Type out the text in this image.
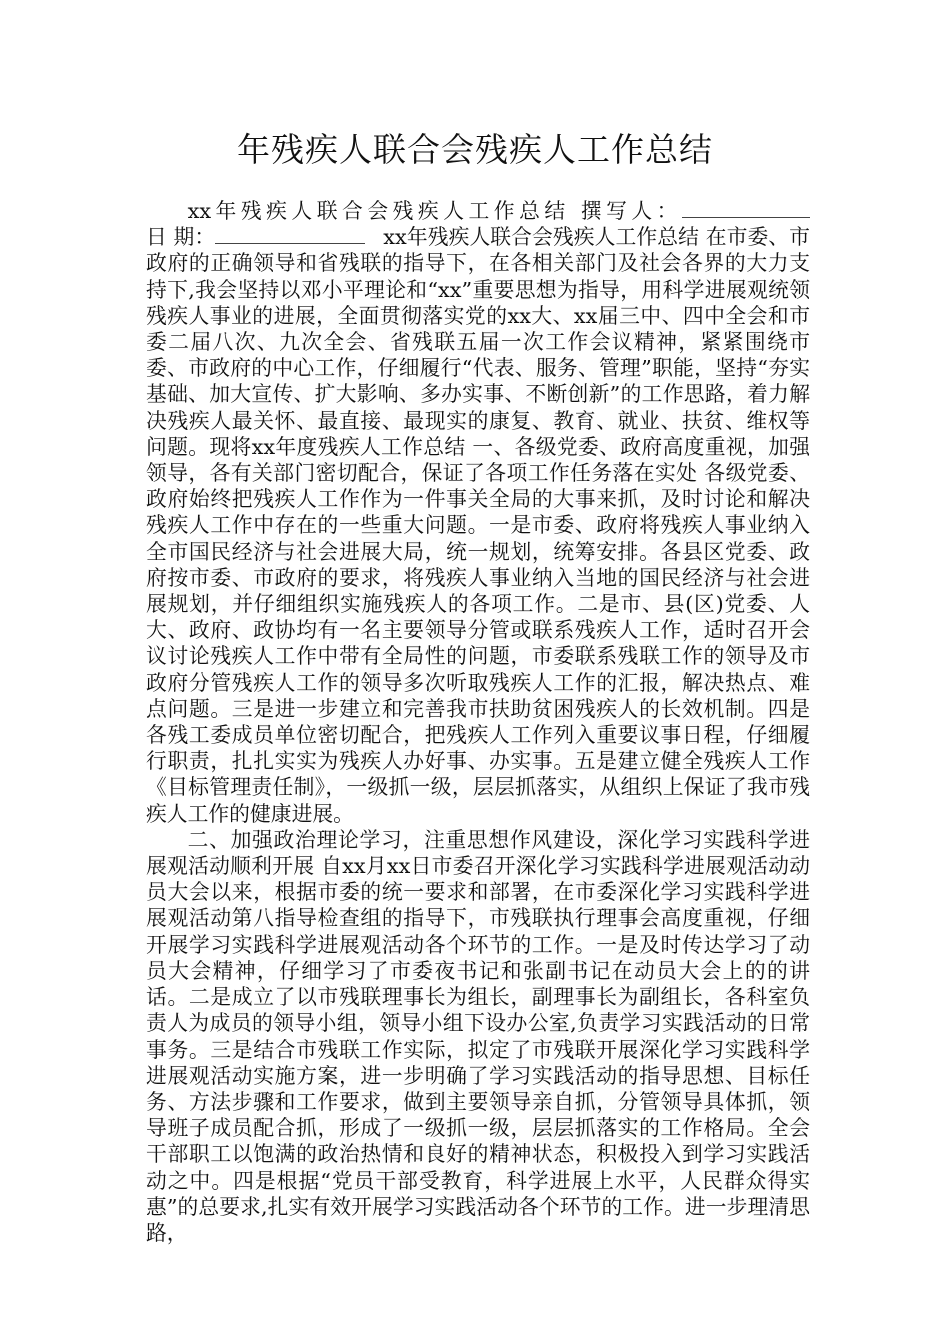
年残疾人联合会残疾人工作总结

xx年残疾人联合会残疾人工作总结 撰写人：

日 期：	xx年残疾人联合会残疾人工作总结 在市委、市政府的正确领导和省残联的指导下，在各相关部门及社会各界的大力支持下,我会坚持以邓小平理论和“xx”重要思想为指导，用科学进展观统领残疾人事业的进展，全面贯彻落实党的xx大、xx届三中、四中全会和市委二届八次、九次全会、省残联五届一次工作会议精神，紧紧围绕市委、市政府的中心工作，仔细履行“代表、服务、管理”职能，坚持“夯实基础、加大宣传、扩大影响、多办实事、不断创新”的工作思路，着力解决残疾人最关怀、最直接、最现实的康复、教育、就业、扶贫、维权等问题。现将xx年度残疾人工作总结 一、各级党委、政府高度重视，加强领导，各有关部门密切配合，保证了各项工作任务落在实处 各级党委、政府始终把残疾人工作作为一件事关全局的大事来抓，及时讨论和解决残疾人工作中存在的一些重大问题。一是市委、政府将残疾人事业纳入全市国民经济与社会进展大局，统一规划，统筹安排。各县区党委、政府按市委、市政府的要求，将残疾人事业纳入当地的国民经济与社会进展规划，并仔细组织实施残疾人的各项工作。二是市、县(区)党委、人大、政府、政协均有一名主要领导分管或联系残疾人工作，适时召开会议讨论残疾人工作中带有全局性的问题，市委联系残联工作的领导及市政府分管残疾人工作的领导多次听取残疾人工作的汇报，解决热点、难点问题。三是进一步建立和完善我市扶助贫困残疾人的长效机制。四是各残工委成员单位密切配合，把残疾人工作列入重要议事日程，仔细履行职责，扎扎实实为残疾人办好事、办实事。五是建立健全残疾人工作《目标管理责任制》，一级抓一级，层层抓落实，从组织上保证了我市残疾人工作的健康进展。

二、加强政治理论学习，注重思想作风建设，深化学习实践科学进展观活动顺利开展 自xx月xx日市委召开深化学习实践科学进展观活动动员大会以来，根据市委的统一要求和部署，在市委深化学习实践科学进展观活动第八指导检查组的指导下，市残联执行理事会高度重视，仔细开展学习实践科学进展观活动各个环节的工作。一是及时传达学习了动员大会精神，仔细学习了市委夜书记和张副书记在动员大会上的的讲话。二是成立了以市残联理事长为组长，副理事长为副组长，各科室负责人为成员的领导小组，领导小组下设办公室,负责学习实践活动的日常事务。三是结合市残联工作实际，拟定了市残联开展深化学习实践科学进展观活动实施方案，进一步明确了学习实践活动的指导思想、目标任务、方法步骤和工作要求，做到主要领导亲自抓，分管领导具体抓，领导班子成员配合抓，形成了一级抓一级，层层抓落实的工作格局。全会干部职工以饱满的政治热情和良好的精神状态，积极投入到学习实践活动之中。四是根据“党员干部受教育，科学进展上水平，人民群众得实惠”的总要求,扎实有效开展学习实践活动各个环节的工作。进一步理清思路，
